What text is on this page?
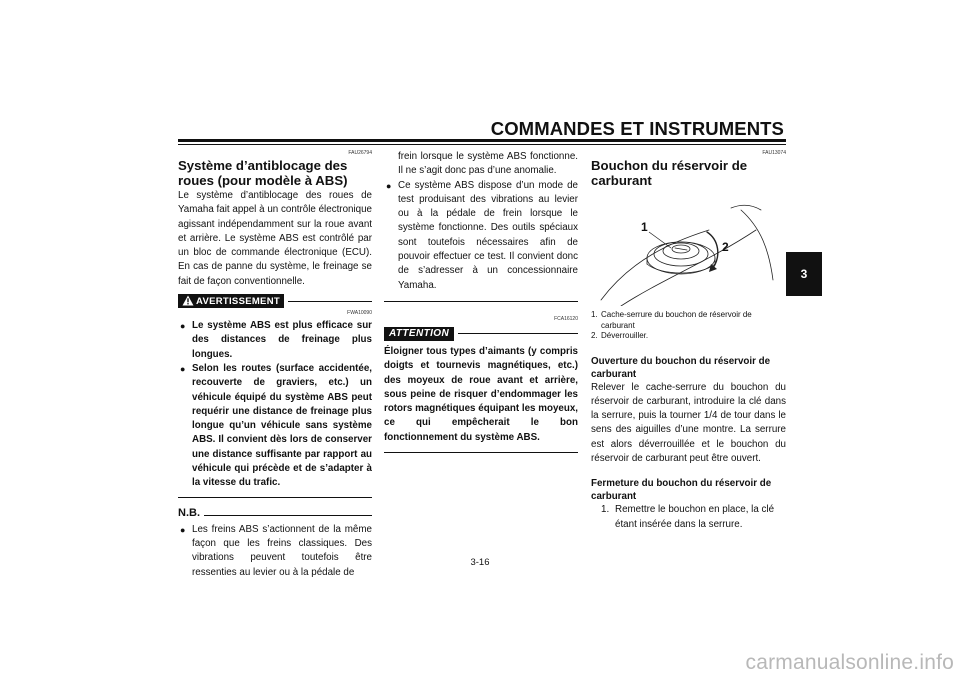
COMMANDES ET INSTRUMENTS
3
FAU26794
Système d’antiblocage des roues (pour modèle à ABS)

Le système d’antiblocage des roues de Yamaha fait appel à un contrôle électronique agissant indépendamment sur la roue avant et arrière. Le système ABS est contrôlé par un bloc de commande électronique (ECU). En cas de panne du système, le freinage se fait de façon conventionnelle.

AVERTISSEMENT
FWA10090
● Le système ABS est plus efficace sur des distances de freinage plus longues.
● Selon les routes (surface accidentée, recouverte de graviers, etc.) un véhicule équipé du système ABS peut requérir une distance de freinage plus longue qu’un véhicule sans système ABS. Il convient dès lors de conserver une distance suffisante par rapport au véhicule qui précède et de s’adapter à la vitesse du trafic.
N.B.
● Les freins ABS s’actionnent de la même façon que les freins classiques. Des vibrations peuvent toutefois être ressenties au levier ou à la pédale de

frein lorsque le système ABS fonctionne. Il ne s’agit donc pas d’une anomalie.

● Ce système ABS dispose d’un mode de test produisant des vibrations au levier ou à la pédale de frein lorsque le système fonctionne. Des outils spéciaux sont toutefois nécessaires afin de pouvoir effectuer ce test. Il convient donc de s’adresser à un concessionnaire Yamaha.
FCA16120
ATTENTION

Éloigner tous types d’aimants (y compris doigts et tournevis magnétiques, etc.) des moyeux de roue avant et arrière, sous peine de risquer d’endommager les rotors magnétiques équipant les moyeux, ce qui empêcherait le bon fonctionnement du système ABS.

FAU13074
Bouchon du réservoir de carburant
1
2
1. Cache-serrure du bouchon de réservoir de carburant
2. Déverrouiller.
Ouverture du bouchon du réservoir de carburant

Relever le cache-serrure du bouchon du réservoir de carburant, introduire la clé dans la serrure, puis la tourner 1/4 de tour dans le sens des aiguilles d’une montre. La serrure est alors déverrouillée et le bouchon du réservoir de carburant peut être ouvert.

Fermeture du bouchon du réservoir de carburant
1. Remettre le bouchon en place, la clé étant insérée dans la serrure.
3-16
carmanualsonline.info
